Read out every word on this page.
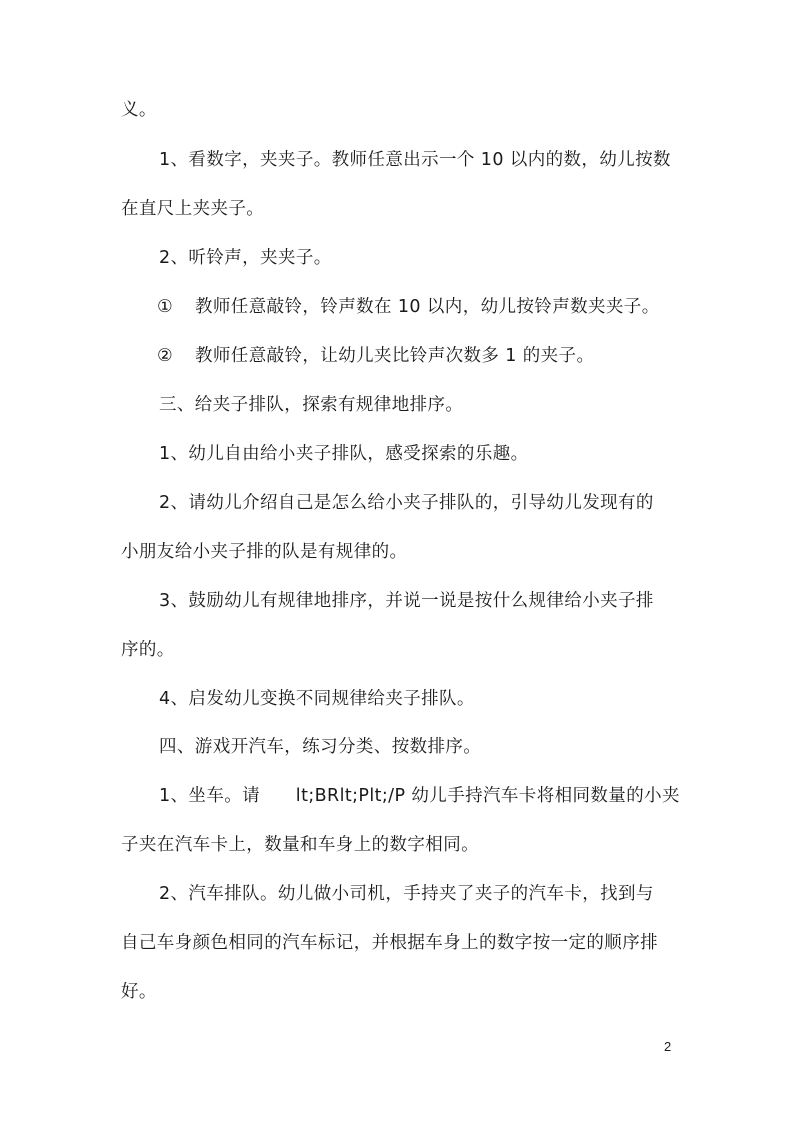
义。
1、看数字，夹夹子。教师任意出示一个 10 以内的数，幼儿按数
在直尺上夹夹子。
2、听铃声，夹夹子。
① 教师任意敲铃，铃声数在 10 以内，幼儿按铃声数夹夹子。
② 教师任意敲铃，让幼儿夹比铃声次数多 1 的夹子。
三、给夹子排队，探索有规律地排序。
1、幼儿自由给小夹子排队，感受探索的乐趣。
2、请幼儿介绍自己是怎么给小夹子排队的，引导幼儿发现有的
小朋友给小夹子排的队是有规律的。
3、鼓励幼儿有规律地排序，并说一说是按什么规律给小夹子排
序的。
4、启发幼儿变换不同规律给夹子排队。
四、游戏开汽车，练习分类、按数排序。
1、坐车。请      lt;BRlt;Plt;/P 幼儿手持汽车卡将相同数量的小夹
子夹在汽车卡上，数量和车身上的数字相同。
2、汽车排队。幼儿做小司机，手持夹了夹子的汽车卡，找到与
自己车身颜色相同的汽车标记，并根据车身上的数字按一定的顺序排
好。
2
